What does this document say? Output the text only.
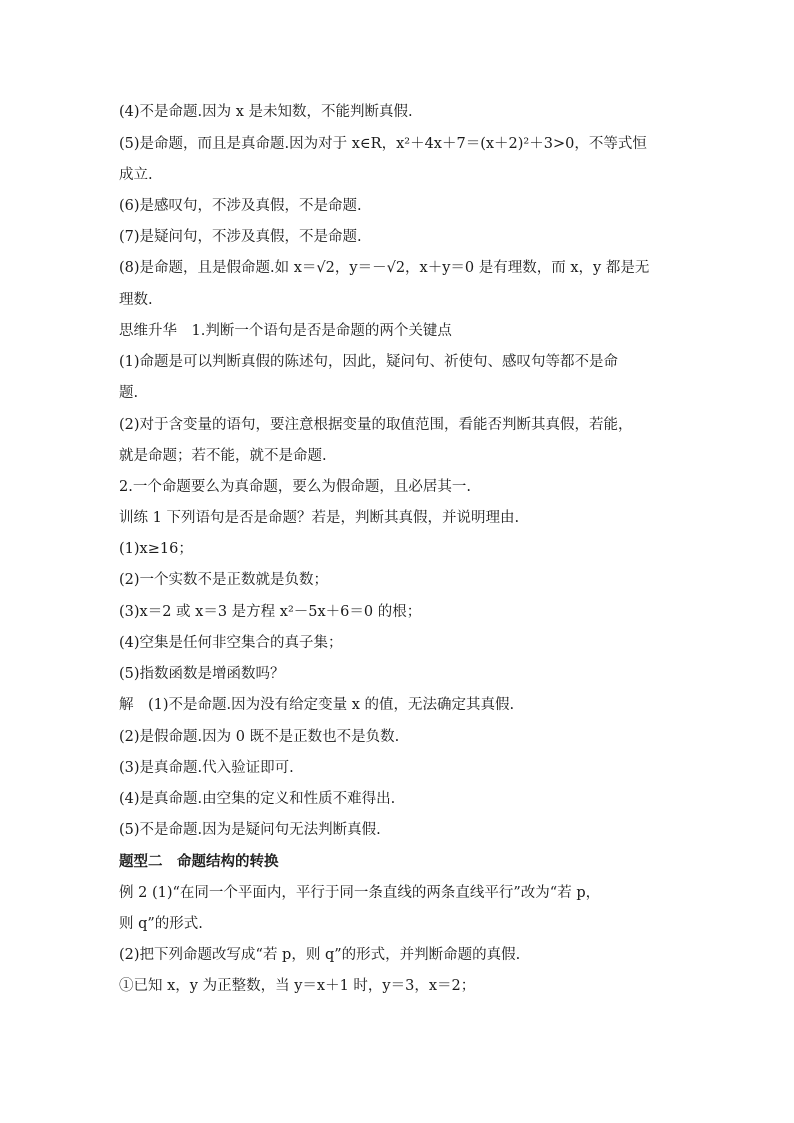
(4)不是命题.因为 x 是未知数，不能判断真假.
(5)是命题，而且是真命题.因为对于 x∈R，x²＋4x＋7＝(x＋2)²＋3>0，不等式恒
成立.
(6)是感叹句，不涉及真假，不是命题.
(7)是疑问句，不涉及真假，不是命题.
(8)是命题，且是假命题.如 x＝√2，y＝－√2，x＋y＝0 是有理数，而 x，y 都是无
理数.
思维升华　1.判断一个语句是否是命题的两个关键点
(1)命题是可以判断真假的陈述句，因此，疑问句、祈使句、感叹句等都不是命
题.
(2)对于含变量的语句，要注意根据变量的取值范围，看能否判断其真假，若能，
就是命题；若不能，就不是命题.
2.一个命题要么为真命题，要么为假命题，且必居其一.
训练 1 下列语句是否是命题？若是，判断其真假，并说明理由.
(1)x≥16；
(2)一个实数不是正数就是负数；
(3)x＝2 或 x＝3 是方程 x²－5x＋6＝0 的根；
(4)空集是任何非空集合的真子集；
(5)指数函数是增函数吗？
解　(1)不是命题.因为没有给定变量 x 的值，无法确定其真假.
(2)是假命题.因为 0 既不是正数也不是负数.
(3)是真命题.代入验证即可.
(4)是真命题.由空集的定义和性质不难得出.
(5)不是命题.因为是疑问句无法判断真假.
题型二　命题结构的转换
例 2 (1)“在同一个平面内，平行于同一条直线的两条直线平行”改为“若 p，
则 q”的形式.
(2)把下列命题改写成“若 p，则 q”的形式，并判断命题的真假.
①已知 x，y 为正整数，当 y＝x＋1 时，y＝3，x＝2；
